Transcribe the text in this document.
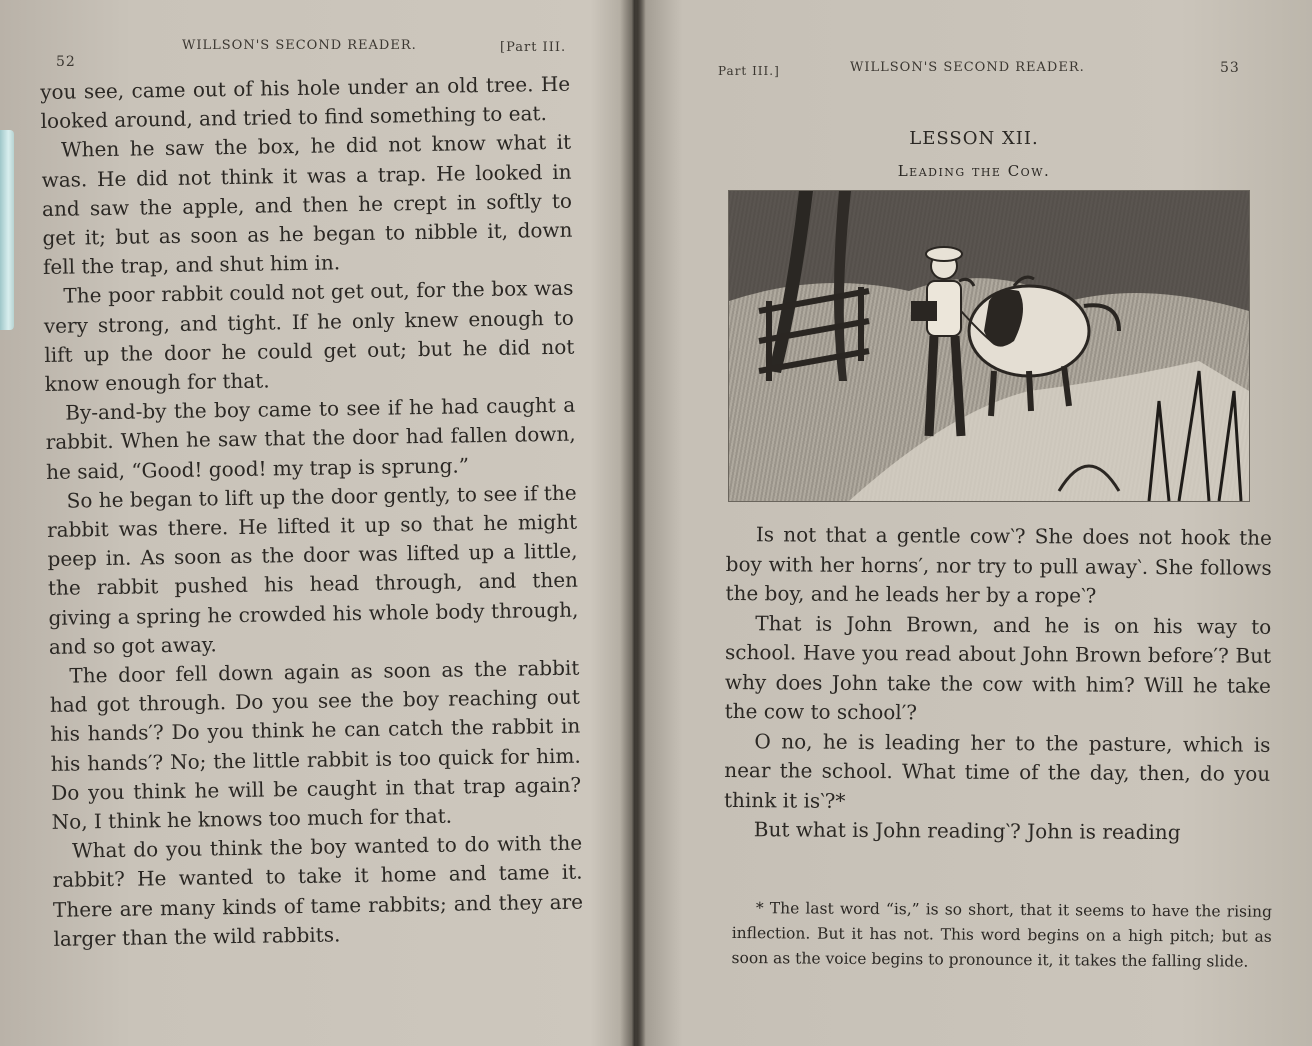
52
WILLSON'S SECOND READER.	[Part III.

you see, came out of his hole under an old tree. He looked around, and tried to find something to eat.

When he saw the box, he did not know what it was. He did not think it was a trap. He looked in and saw the apple, and then he crept in softly to get it; but as soon as he began to nibble it, down fell the trap, and shut him in.

The poor rabbit could not get out, for the box was very strong, and tight. If he only knew enough to lift up the door he could get out; but he did not know enough for that.

By-and-by the boy came to see if he had caught a rabbit. When he saw that the door had fallen down, he said, “Good! good! my trap is sprung.”

So he began to lift up the door gently, to see if the rabbit was there. He lifted it up so that he might peep in. As soon as the door was lifted up a little, the rabbit pushed his head through, and then giving a spring he crowded his whole body through, and so got away.

The door fell down again as soon as the rabbit had got through. Do you see the boy reaching out his hands′? Do you think he can catch the rabbit in his hands′? No; the little rabbit is too quick for him. Do you think he will be caught in that trap again? No, I think he knows too much for that.

What do you think the boy wanted to do with the rabbit? He wanted to take it home and tame it. There are many kinds of tame rabbits; and they are larger than the wild rabbits.

Part III.]	WILLSON'S SECOND READER.	53
LESSON XII.
Leading the Cow.

Is not that a gentle cow‵? She does not hook the boy with her horns′, nor try to pull away‵. She follows the boy, and he leads her by a rope‵?

That is John Brown, and he is on his way to school. Have you read about John Brown before′? But why does John take the cow with him? Will he take the cow to school′?

O no, he is leading her to the pasture, which is near the school. What time of the day, then, do you think it is‵?*

But what is John reading‵? John is reading

* The last word “is,” is so short, that it seems to have the rising inflection. But it has not. This word begins on a high pitch; but as soon as the voice begins to pronounce it, it takes the falling slide.
